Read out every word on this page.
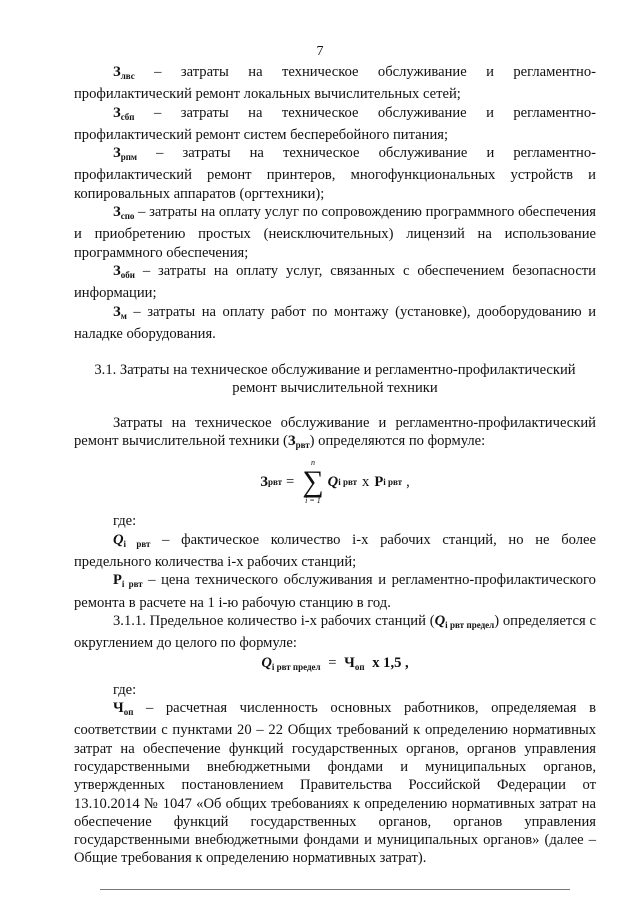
7

$З_{лвс}$ – затраты на техническое обслуживание и регламентно-профилактический ремонт локальных вычислительных сетей;

$З_{сбп}$ – затраты на техническое обслуживание и регламентно-профилактический ремонт систем бесперебойного питания;

$З_{рпм}$ – затраты на техническое обслуживание и регламентно-профилактический ремонт принтеров, многофункциональных устройств и копировальных аппаратов (оргтехники);

$З_{спо}$ – затраты на оплату услуг по сопровождению программного обеспечения и приобретению простых (неисключительных) лицензий на использование программного обеспечения;

$З_{оби}$ – затраты на оплату услуг, связанных с обеспечением безопасности информации;

$З_м$ – затраты на оплату работ по монтажу (установке), дооборудованию и наладке оборудования.

3.1. Затраты на техническое обслуживание и регламентно-профилактический
ремонт вычислительной техники

Затраты на техническое обслуживание и регламентно-профилактический ремонт вычислительной техники $(З_{рвт})$ определяются по формуле:

З рвт =
n
∑
i = 1
Q i рвт x Р i рвт ,

где:

$Q_{i рвт}$ – фактическое количество i-х рабочих станций, но не более предельного количества i-х рабочих станций;

$Р_{i рвт}$ – цена технического обслуживания и регламентно-профилактического ремонта в расчете на 1 i-ю рабочую станцию в год.

3.1.1. Предельное количество i-х рабочих станций $(Q_{i рвт предел})$ определяется с округлением до целого по формуле:

$Q_{i рвт предел} = Ч_{оп}$ x 1,5 ,

где:

$Ч_{оп}$ – расчетная численность основных работников, определяемая в соответствии с пунктами 20 – 22 Общих требований к определению нормативных затрат на обеспечение функций государственных органов, органов управления государственными внебюджетными фондами и муниципальных органов, утвержденных постановлением Правительства Российской Федерации от 13.10.2014 № 1047 «Об общих требованиях к определению нормативных затрат на обеспечение функций государственных органов, органов управления государственными внебюджетными фондами и муниципальных органов» (далее – Общие требования к определению нормативных затрат).
